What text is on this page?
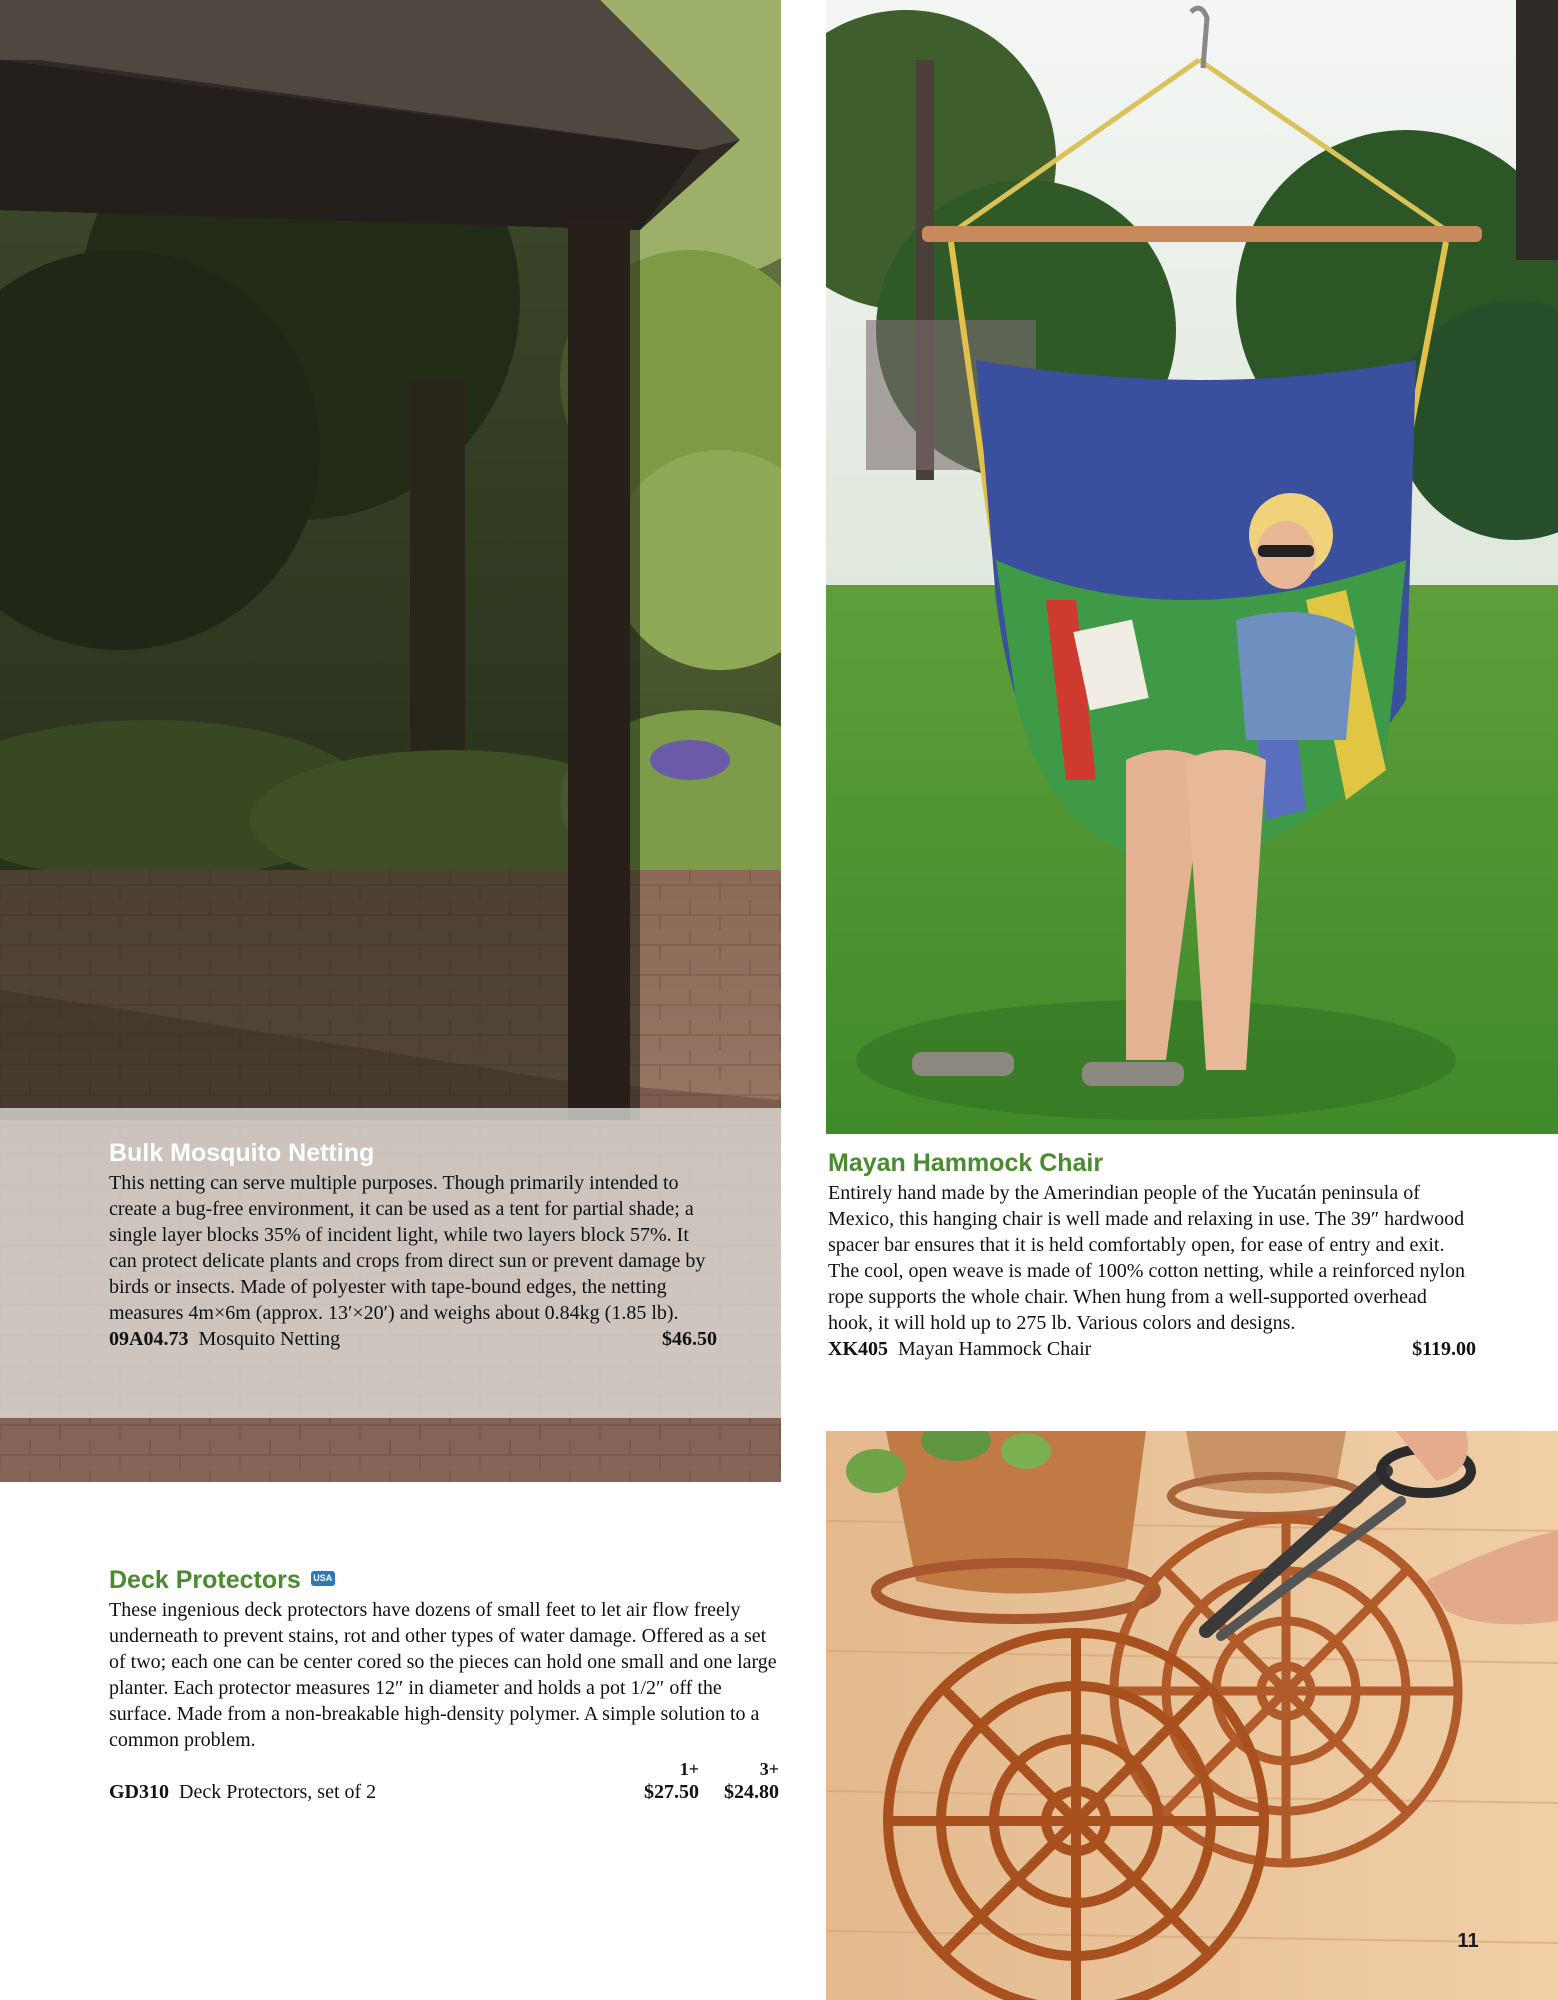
Bulk Mosquito Netting

This netting can serve multiple purposes. Though primarily intended to create a bug-free environment, it can be used as a tent for partial shade; a single layer blocks 35% of incident light, while two layers block 57%. It can protect delicate plants and crops from direct sun or prevent damage by birds or insects. Made of polyester with tape-bound edges, the netting measures 4m×6m (approx. 13′×20′) and weighs about 0.84kg (1.85 lb).

09A04.73 Mosquito Netting	$46.50
Mayan Hammock Chair

Entirely hand made by the Amerindian people of the Yucatán peninsula of Mexico, this hanging chair is well made and relaxing in use. The 39″ hardwood spacer bar ensures that it is held comfortably open, for ease of entry and exit. The cool, open weave is made of 100% cotton netting, while a reinforced nylon rope supports the whole chair. When hung from a well-supported overhead hook, it will hold up to 275 lb. Various colors and designs.

XK405 Mayan Hammock Chair	$119.00
Deck Protectors USA

These ingenious deck protectors have dozens of small feet to let air flow freely underneath to prevent stains, rot and other types of water damage. Offered as a set of two; each one can be center cored so the pieces can hold one small and one large planter. Each protector measures 12″ in diameter and holds a pot 1/2″ off the surface. Made from a non-breakable high-density polymer. A simple solution to a common problem.

1+	3+
GD310 Deck Protectors, set of 2	$27.50 $24.80
11
